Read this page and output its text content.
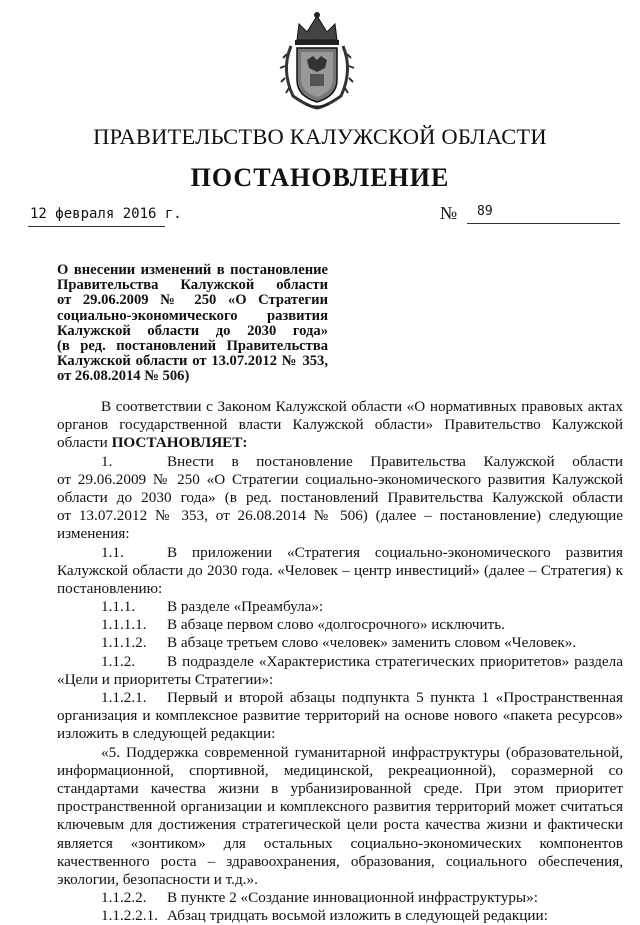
ПРАВИТЕЛЬСТВО КАЛУЖСКОЙ ОБЛАСТИ
ПОСТАНОВЛЕНИЕ
12 февраля 2016 г.	№ 89
О внесении изменений в постановление
Правительства Калужской области
от 29.06.2009 № 250 «О Стратегии
социально-экономического развития
Калужской области до 2030 года»
(в ред. постановлений Правительства
Калужской области от 13.07.2012 № 353,
от 26.08.2014 № 506)
В соответствии с Законом Калужской области «О нормативных правовых актах
органов государственной власти Калужской области» Правительство Калужской
области ПОСТАНОВЛЯЕТ:
1.	Внести в постановление Правительства Калужской области
от 29.06.2009 № 250 «О Стратегии социально-экономического развития Калужской
области до 2030 года» (в ред. постановлений Правительства Калужской области
от 13.07.2012 № 353, от 26.08.2014 № 506) (далее – постановление) следующие
изменения:
1.1.	В приложении «Стратегия социально-экономического развития
Калужской области до 2030 года. «Человек – центр инвестиций» (далее – Стратегия) к
постановлению:
1.1.1. В разделе «Преамбула»:
1.1.1.1. В абзаце первом слово «долгосрочного» исключить.
1.1.1.2. В абзаце третьем слово «человек» заменить словом «Человек».
1.1.2.	В подразделе «Характеристика стратегических приоритетов» раздела
«Цели и приоритеты Стратегии»:
1.1.2.1.	Первый и второй абзацы подпункта 5 пункта 1 «Пространственная
организация и комплексное развитие территорий на основе нового «пакета ресурсов»
изложить в следующей редакции:
«5. Поддержка современной гуманитарной инфраструктуры (образовательной,
информационной, спортивной, медицинской, рекреационной), соразмерной со
стандартами качества жизни в урбанизированной среде. При этом приоритет
пространственной организации и комплексного развития территорий может считаться
ключевым для достижения стратегической цели роста качества жизни и фактически
является «зонтиком» для остальных социально-экономических компонентов
качественного роста – здравоохранения, образования, социального обеспечения,
экологии, безопасности и т.д.».
1.1.2.2. В пункте 2 «Создание инновационной инфраструктуры»:
1.1.2.2.1. Абзац тридцать восьмой изложить в следующей редакции:
